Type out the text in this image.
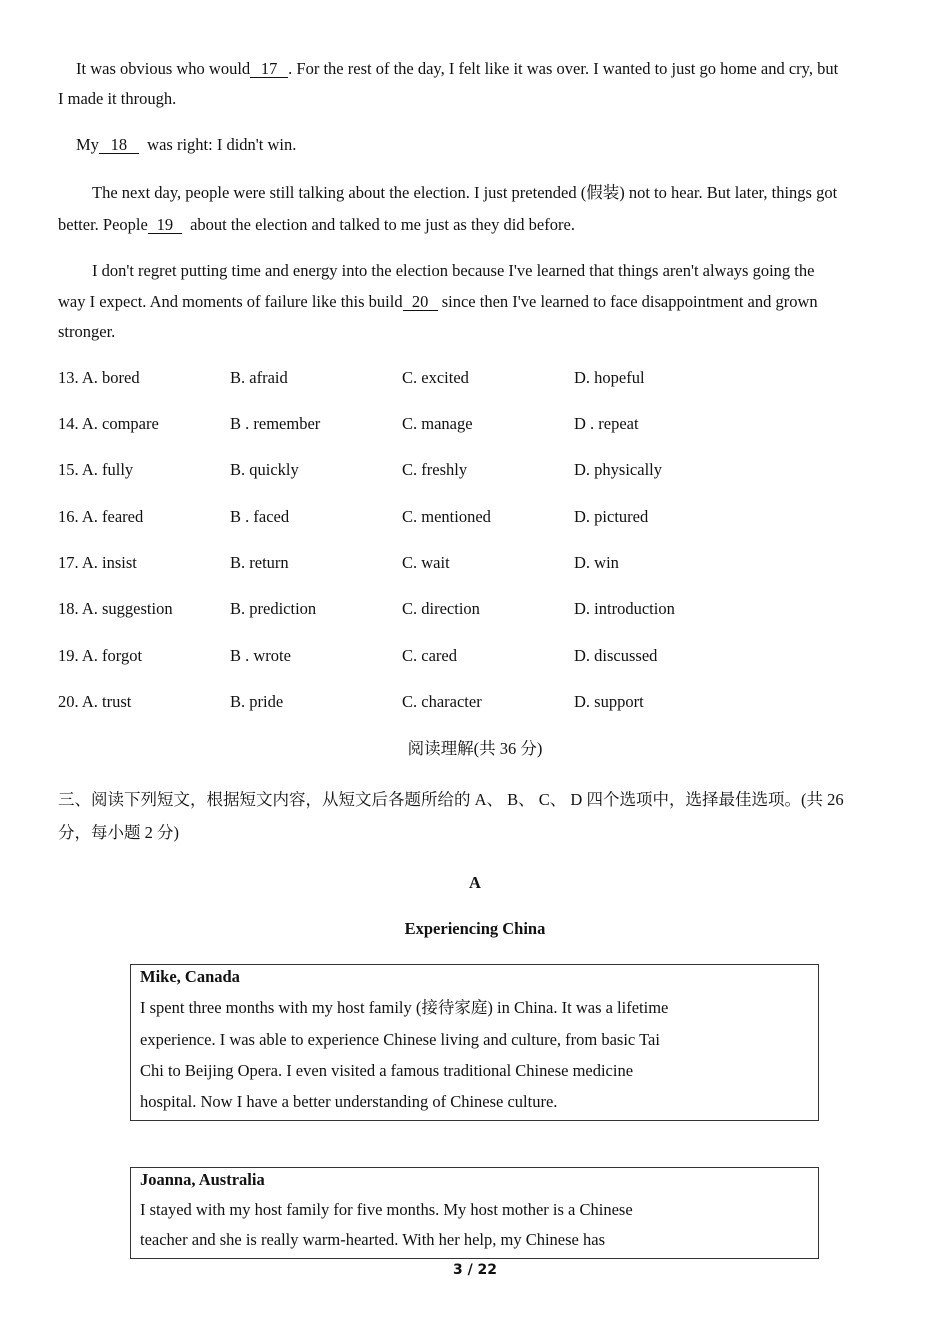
It was obvious who would 17 . For the rest of the day, I felt like it was over. I wanted to just go home and cry, but
I made it through.
My 18 was right: I didn't win.
The next day, people were still talking about the election. I just pretended (假装) not to hear. But later, things got
better. People 19 about the election and talked to me just as they did before.
I don't regret putting time and energy into the election because I've learned that things aren't always going the
way I expect. And moments of failure like this build 20 since then I've learned to face disappointment and grown
stronger.
13. A. bored	B. afraid	C. excited	D. hopeful
14. A. compare	B . remember	C. manage	D . repeat
15. A. fully	B. quickly	C. freshly	D. physically
16. A. feared	B . faced	C. mentioned	D. pictured
17. A. insist	B. return	C. wait	D. win
18. A. suggestion	B. prediction	C. direction	D. introduction
19. A. forgot	B . wrote	C. cared	D. discussed
20. A. trust	B. pride	C. character	D. support
阅读理解(共 36 分)
三、阅读下列短文，根据短文内容，从短文后各题所给的 A、 B、 C、 D 四个选项中，选择最佳选项。(共 26
分，每小题 2 分)
A
Experiencing China
Mike, Canada
I spent three months with my host family (接待家庭) in China. It was a lifetime
experience. I was able to experience Chinese living and culture, from basic Tai
Chi to Beijing Opera. I even visited a famous traditional Chinese medicine
hospital. Now I have a better understanding of Chinese culture.
Joanna, Australia
I stayed with my host family for five months. My host mother is a Chinese
teacher and she is really warm-hearted. With her help, my Chinese has
3 / 22
